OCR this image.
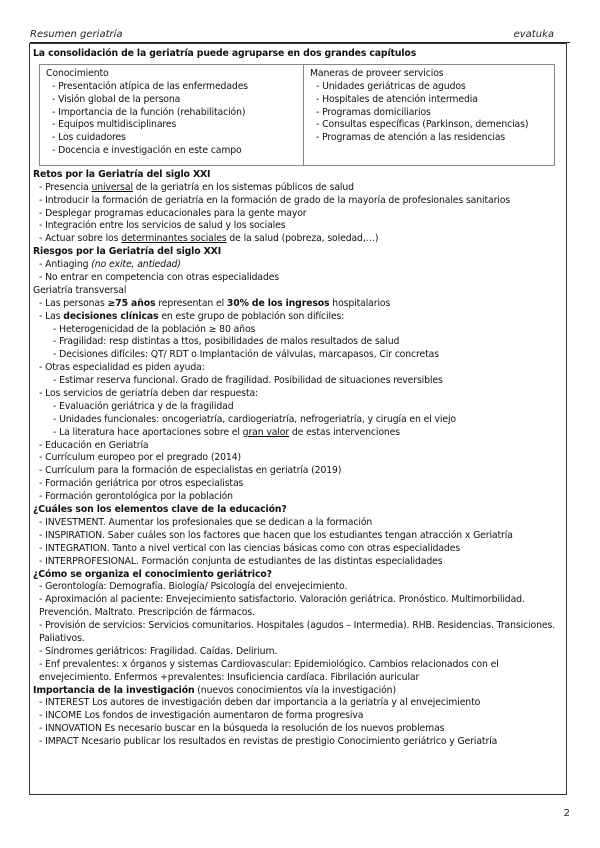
Resumen geriatría	evatuka
La consolidación de la geriatría puede agruparse en dos grandes capítulos
Conocimiento
- Presentación atípica de las enfermedades
- Visión global de la persona
- Importancia de la función (rehabilitación)
- Equipos multidisciplinares
- Los cuidadores
- Docencia e investigación en este campo
Maneras de proveer servicios
- Unidades geriátricas de agudos
- Hospitales de atención intermedia
- Programas domiciliarios
- Consultas específicas (Parkinson, demencias)
- Programas de atención a las residencias
Retos por la Geriatría del siglo XXI
- Presencia universal de la geriatría en los sistemas públicos de salud
- Introducir la formación de geriatría en la formación de grado de la mayoría de profesionales sanitarios
- Desplegar programas educacionales para la gente mayor
- Integración entre los servicios de salud y los sociales
- Actuar sobre los determinantes sociales de la salud (pobreza, soledad,…)
Riesgos por la Geriatría del siglo XXI
- Antiaging (no exite, antiedad)
- No entrar en competencia con otras especialidades
Geriatría transversal
- Las personas ≥75 años representan el 30% de los ingresos hospitalarios
- Las decisiones clínicas en este grupo de población son difíciles:
- Heterogenicidad de la población ≥ 80 años
- Fragilidad: resp distintas a ttos, posibilidades de malos resultados de salud
- Decisiones difíciles: QT/ RDT o Implantación de válvulas, marcapasos, Cir concretas
- Otras especialidad es piden ayuda:
- Estimar reserva funcional. Grado de fragilidad. Posibilidad de situaciones reversibles
- Los servicios de geriatría deben dar respuesta:
- Evaluación geriátrica y de la fragilidad
- Unidades funcionales: oncogeriatría, cardiogeriatría, nefrogeriatría, y cirugía en el viejo
- La literatura hace aportaciones sobre el gran valor de estas intervenciones
- Educación en Geriatría
- Currículum europeo por el pregrado (2014)
- Currículum para la formación de especialistas en geriatría (2019)
- Formación geriátrica por otros especialistas
- Formación gerontológica por la población
¿Cuáles son los elementos clave de la educación?
- INVESTMENT. Aumentar los profesionales que se dedican a la formación
- INSPIRATION. Saber cuáles son los factores que hacen que los estudiantes tengan atracción x Geriatría
- INTEGRATION. Tanto a nivel vertical con las ciencias básicas como con otras especialidades
- INTERPROFESIONAL. Formación conjunta de estudiantes de las distintas especialidades
¿Cómo se organiza el conocimiento geriátrico?
- Gerontología: Demografía. Biología/ Psicología del envejecimiento.
- Aproximación al paciente: Envejecimiento satisfactorio. Valoración geriátrica. Pronóstico. Multimorbilidad. Prevención. Maltrato. Prescripción de fármacos.
- Provisión de servicios: Servicios comunitarios. Hospitales (agudos – Intermedia). RHB. Residencias. Transiciones. Paliativos.
- Síndromes geriátricos: Fragilidad. Caídas. Delirium.
- Enf prevalentes: x órganos y sistemas Cardiovascular: Epidemiológico. Cambios relacionados con el envejecimiento. Enfermos +prevalentes: Insuficiencia cardíaca. Fibrilación auricular
Importancia de la investigación (nuevos conocimientos vía la investigación)
- INTEREST Los autores de investigación deben dar importancia a la geriatría y al envejecimiento
- INCOME Los fondos de investigación aumentaron de forma progresiva
- INNOVATION Es necesario buscar en la búsqueda la resolución de los nuevos problemas
- IMPACT Ncesario publicar los resultados en revistas de prestigio Conocimiento geriátrico y Geriatría
2
